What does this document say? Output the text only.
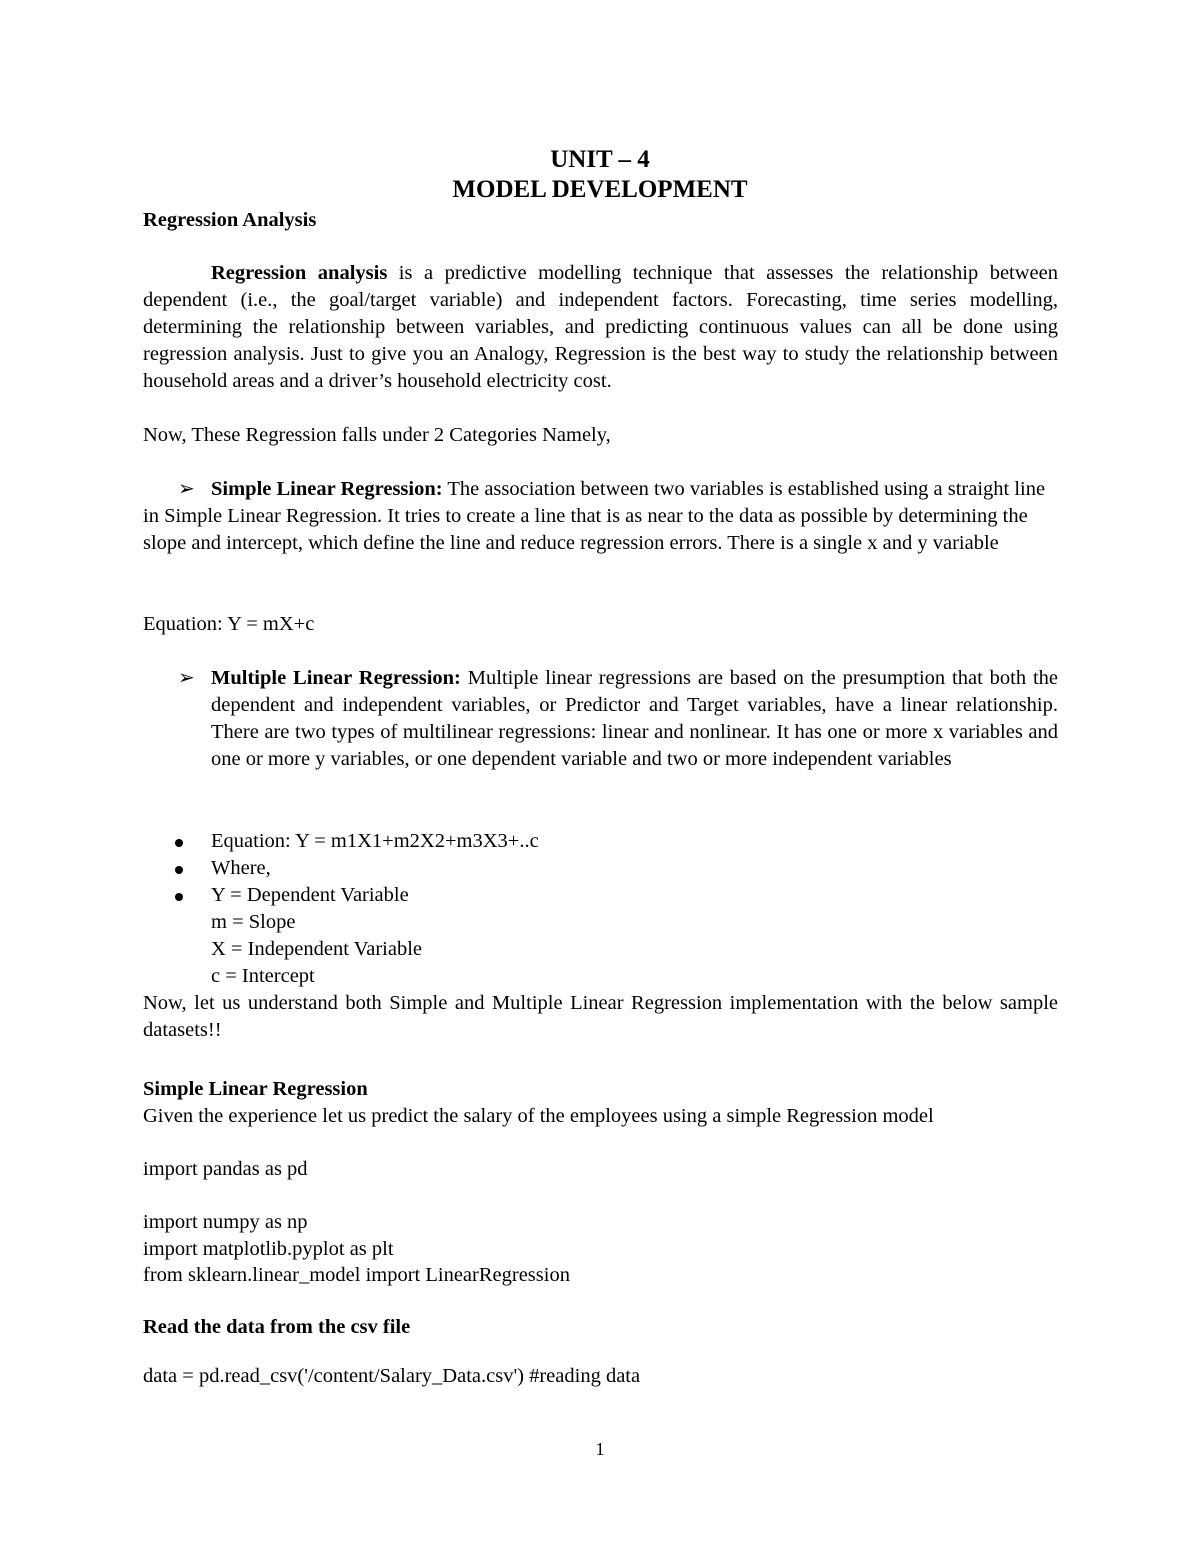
UNIT – 4
MODEL DEVELOPMENT
Regression Analysis
Regression analysis is a predictive modelling technique that assesses the relationship between dependent (i.e., the goal/target variable) and independent factors. Forecasting, time series modelling, determining the relationship between variables, and predicting continuous values can all be done using regression analysis. Just to give you an Analogy, Regression is the best way to study the relationship between household areas and a driver’s household electricity cost.
Now, These Regression falls under 2 Categories Namely,
➢ Simple Linear Regression: The association between two variables is established using a straight line in Simple Linear Regression. It tries to create a line that is as near to the data as possible by determining the slope and intercept, which define the line and reduce regression errors. There is a single x and y variable
Equation: Y = mX+c
➢ Multiple Linear Regression: Multiple linear regressions are based on the presumption that both the dependent and independent variables, or Predictor and Target variables, have a linear relationship. There are two types of multilinear regressions: linear and nonlinear. It has one or more x variables and one or more y variables, or one dependent variable and two or more independent variables
Equation: Y = m1X1+m2X2+m3X3+..c
Where,
Y = Dependent Variable
m = Slope
X = Independent Variable
c = Intercept
Now, let us understand both Simple and Multiple Linear Regression implementation with the below sample datasets!!
Simple Linear Regression
Given the experience let us predict the salary of the employees using a simple Regression model
import pandas as pd
import numpy as np
import matplotlib.pyplot as plt
from sklearn.linear_model import LinearRegression
Read the data from the csv file
data = pd.read_csv('/content/Salary_Data.csv') #reading data
1
